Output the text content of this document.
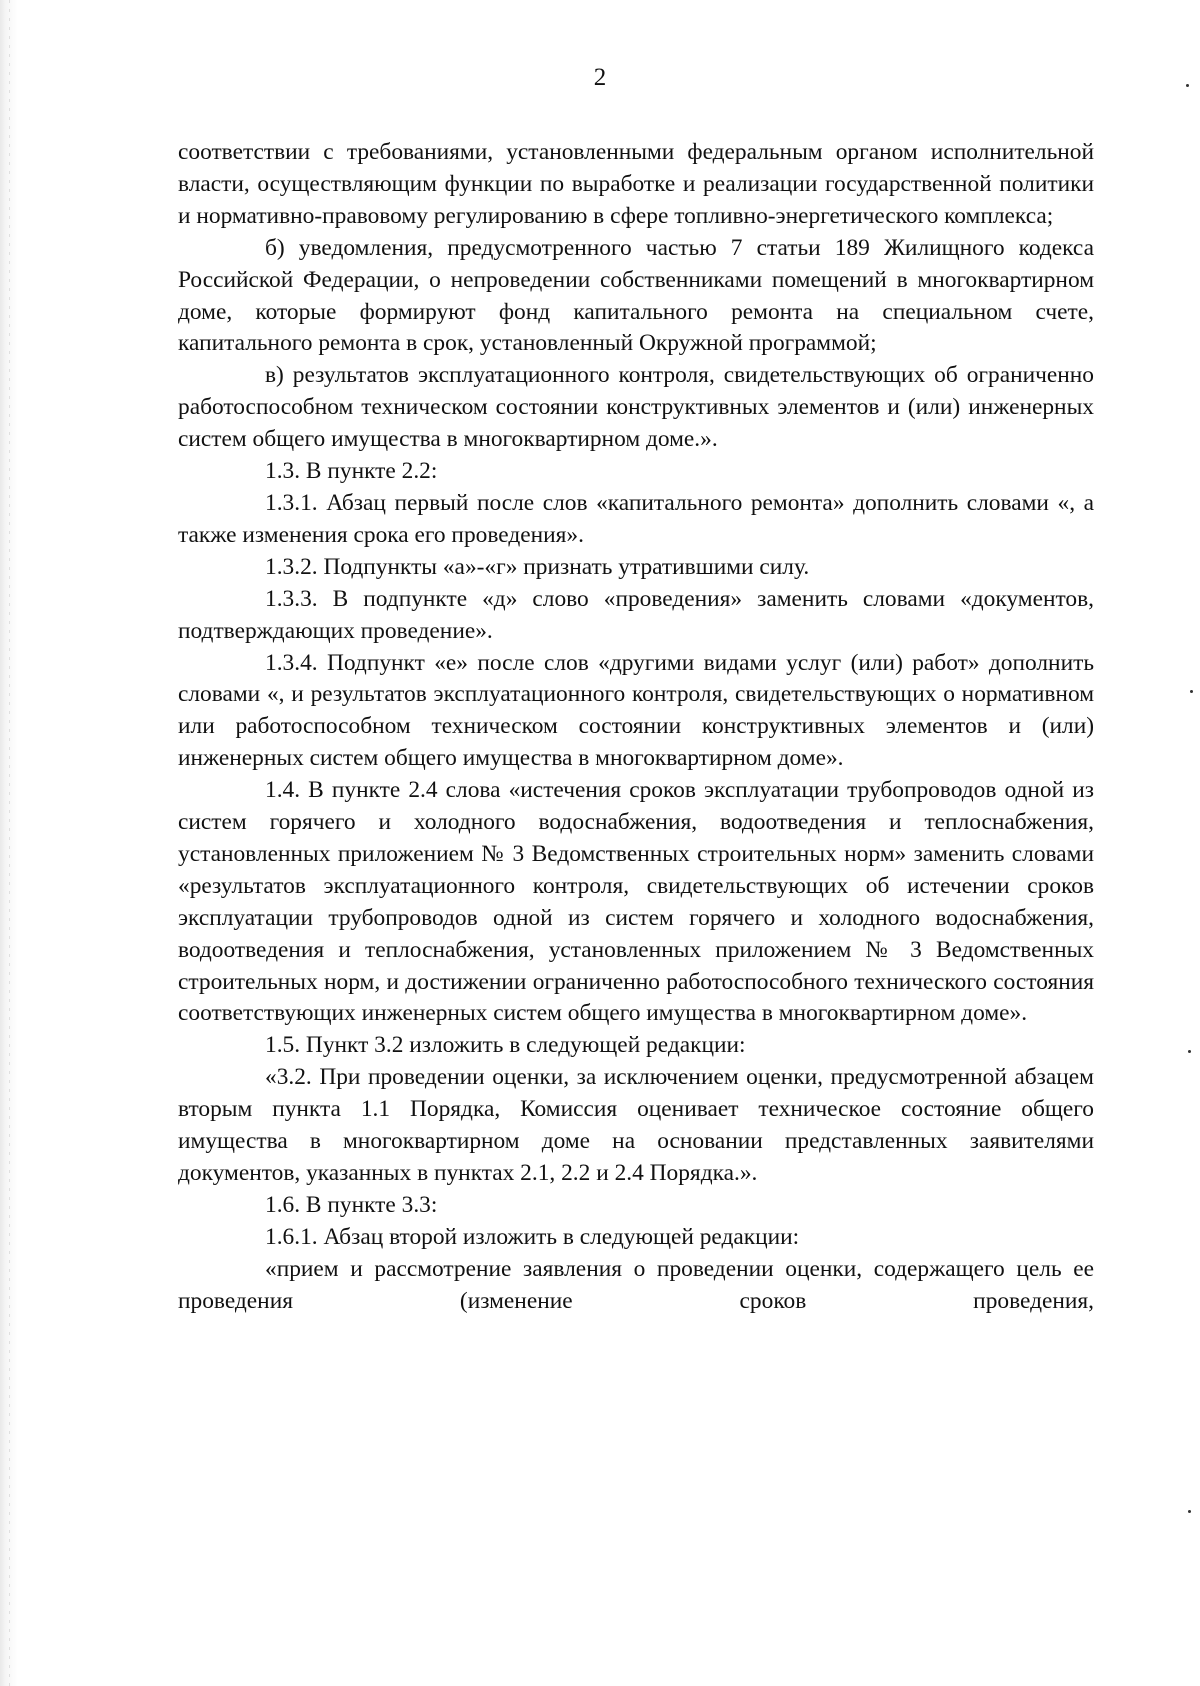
2

соответствии с требованиями, установленными федеральным органом исполнительной власти, осуществляющим функции по выработке и реализации государственной политики и нормативно-правовому регулированию в сфере топливно-энергетического комплекса;

б) уведомления, предусмотренного частью 7 статьи 189 Жилищного кодекса Российской Федерации, о непроведении собственниками помещений в многоквартирном доме, которые формируют фонд капитального ремонта на специальном счете, капитального ремонта в срок, установленный Окружной программой;

в) результатов эксплуатационного контроля, свидетельствующих об ограниченно работоспособном техническом состоянии конструктивных элементов и (или) инженерных систем общего имущества в многоквартирном доме.».

1.3. В пункте 2.2:

1.3.1. Абзац первый после слов «капитального ремонта» дополнить словами «, а также изменения срока его проведения».

1.3.2. Подпункты «а»-«г» признать утратившими силу.

1.3.3. В подпункте «д» слово «проведения» заменить словами «документов, подтверждающих проведение».

1.3.4. Подпункт «е» после слов «другими видами услуг (или) работ» дополнить словами «, и результатов эксплуатационного контроля, свидетельствующих о нормативном или работоспособном техническом состоянии конструктивных элементов и (или) инженерных систем общего имущества в многоквартирном доме».

1.4. В пункте 2.4 слова «истечения сроков эксплуатации трубопроводов одной из систем горячего и холодного водоснабжения, водоотведения и теплоснабжения, установленных приложением № 3 Ведомственных строительных норм» заменить словами «результатов эксплуатационного контроля, свидетельствующих об истечении сроков эксплуатации трубопроводов одной из систем горячего и холодного водоснабжения, водоотведения и теплоснабжения, установленных приложением № 3 Ведомственных строительных норм, и достижении ограниченно работоспособного технического состояния соответствующих инженерных систем общего имущества в многоквартирном доме».

1.5. Пункт 3.2 изложить в следующей редакции:

«3.2. При проведении оценки, за исключением оценки, предусмотренной абзацем вторым пункта 1.1 Порядка, Комиссия оценивает техническое состояние общего имущества в многоквартирном доме на основании представленных заявителями документов, указанных в пунктах 2.1, 2.2 и 2.4 Порядка.».

1.6. В пункте 3.3:

1.6.1. Абзац второй изложить в следующей редакции:

«прием и рассмотрение заявления о проведении оценки, содержащего цель ее проведения (изменение сроков проведения,
